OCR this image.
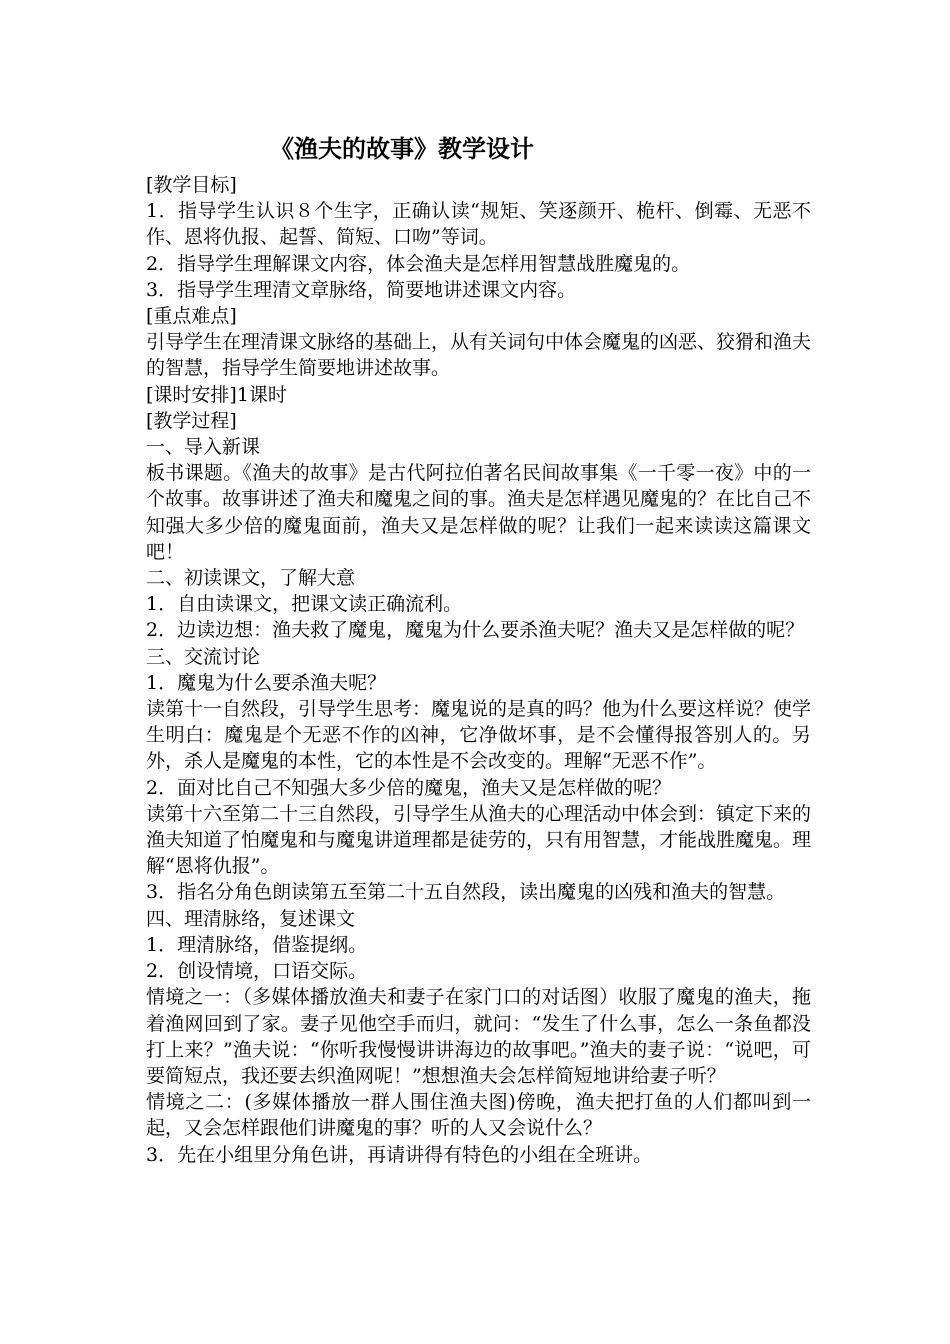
《渔夫的故事》教学设计
[教学目标]
1．指导学生认识８个生字，正确认读“规矩、笑逐颜开、桅杆、倒霉、无恶不作、恩将仇报、起誓、简短、口吻”等词。
2．指导学生理解课文内容，体会渔夫是怎样用智慧战胜魔鬼的。
3．指导学生理清文章脉络，简要地讲述课文内容。
[重点难点]
引导学生在理清课文脉络的基础上，从有关词句中体会魔鬼的凶恶、狡猾和渔夫的智慧，指导学生简要地讲述故事。
[课时安排]1课时
[教学过程]
一、导入新课
板书课题。《渔夫的故事》是古代阿拉伯著名民间故事集《一千零一夜》中的一个故事。故事讲述了渔夫和魔鬼之间的事。渔夫是怎样遇见魔鬼的？在比自己不知强大多少倍的魔鬼面前，渔夫又是怎样做的呢？让我们一起来读读这篇课文吧！
二、初读课文，了解大意
1．自由读课文，把课文读正确流利。
2．边读边想：渔夫救了魔鬼，魔鬼为什么要杀渔夫呢？渔夫又是怎样做的呢？
三、交流讨论
1．魔鬼为什么要杀渔夫呢？
读第十一自然段，引导学生思考：魔鬼说的是真的吗？他为什么要这样说？使学生明白：魔鬼是个无恶不作的凶神，它净做坏事，是不会懂得报答别人的。另外，杀人是魔鬼的本性，它的本性是不会改变的。理解“无恶不作”。
2．面对比自己不知强大多少倍的魔鬼，渔夫又是怎样做的呢？
读第十六至第二十三自然段，引导学生从渔夫的心理活动中体会到：镇定下来的渔夫知道了怕魔鬼和与魔鬼讲道理都是徒劳的，只有用智慧，才能战胜魔鬼。理解“恩将仇报”。
3．指名分角色朗读第五至第二十五自然段，读出魔鬼的凶残和渔夫的智慧。
四、理清脉络，复述课文
1．理清脉络，借鉴提纲。
2．创设情境，口语交际。
情境之一：（多媒体播放渔夫和妻子在家门口的对话图）收服了魔鬼的渔夫，拖着渔网回到了家。妻子见他空手而归，就问：“发生了什么事，怎么一条鱼都没打上来？”渔夫说：“你听我慢慢讲讲海边的故事吧。”渔夫的妻子说：“说吧，可要简短点，我还要去织渔网呢！”想想渔夫会怎样简短地讲给妻子听？
情境之二：(多媒体播放一群人围住渔夫图)傍晚，渔夫把打鱼的人们都叫到一起，又会怎样跟他们讲魔鬼的事？听的人又会说什么？
3．先在小组里分角色讲，再请讲得有特色的小组在全班讲。
